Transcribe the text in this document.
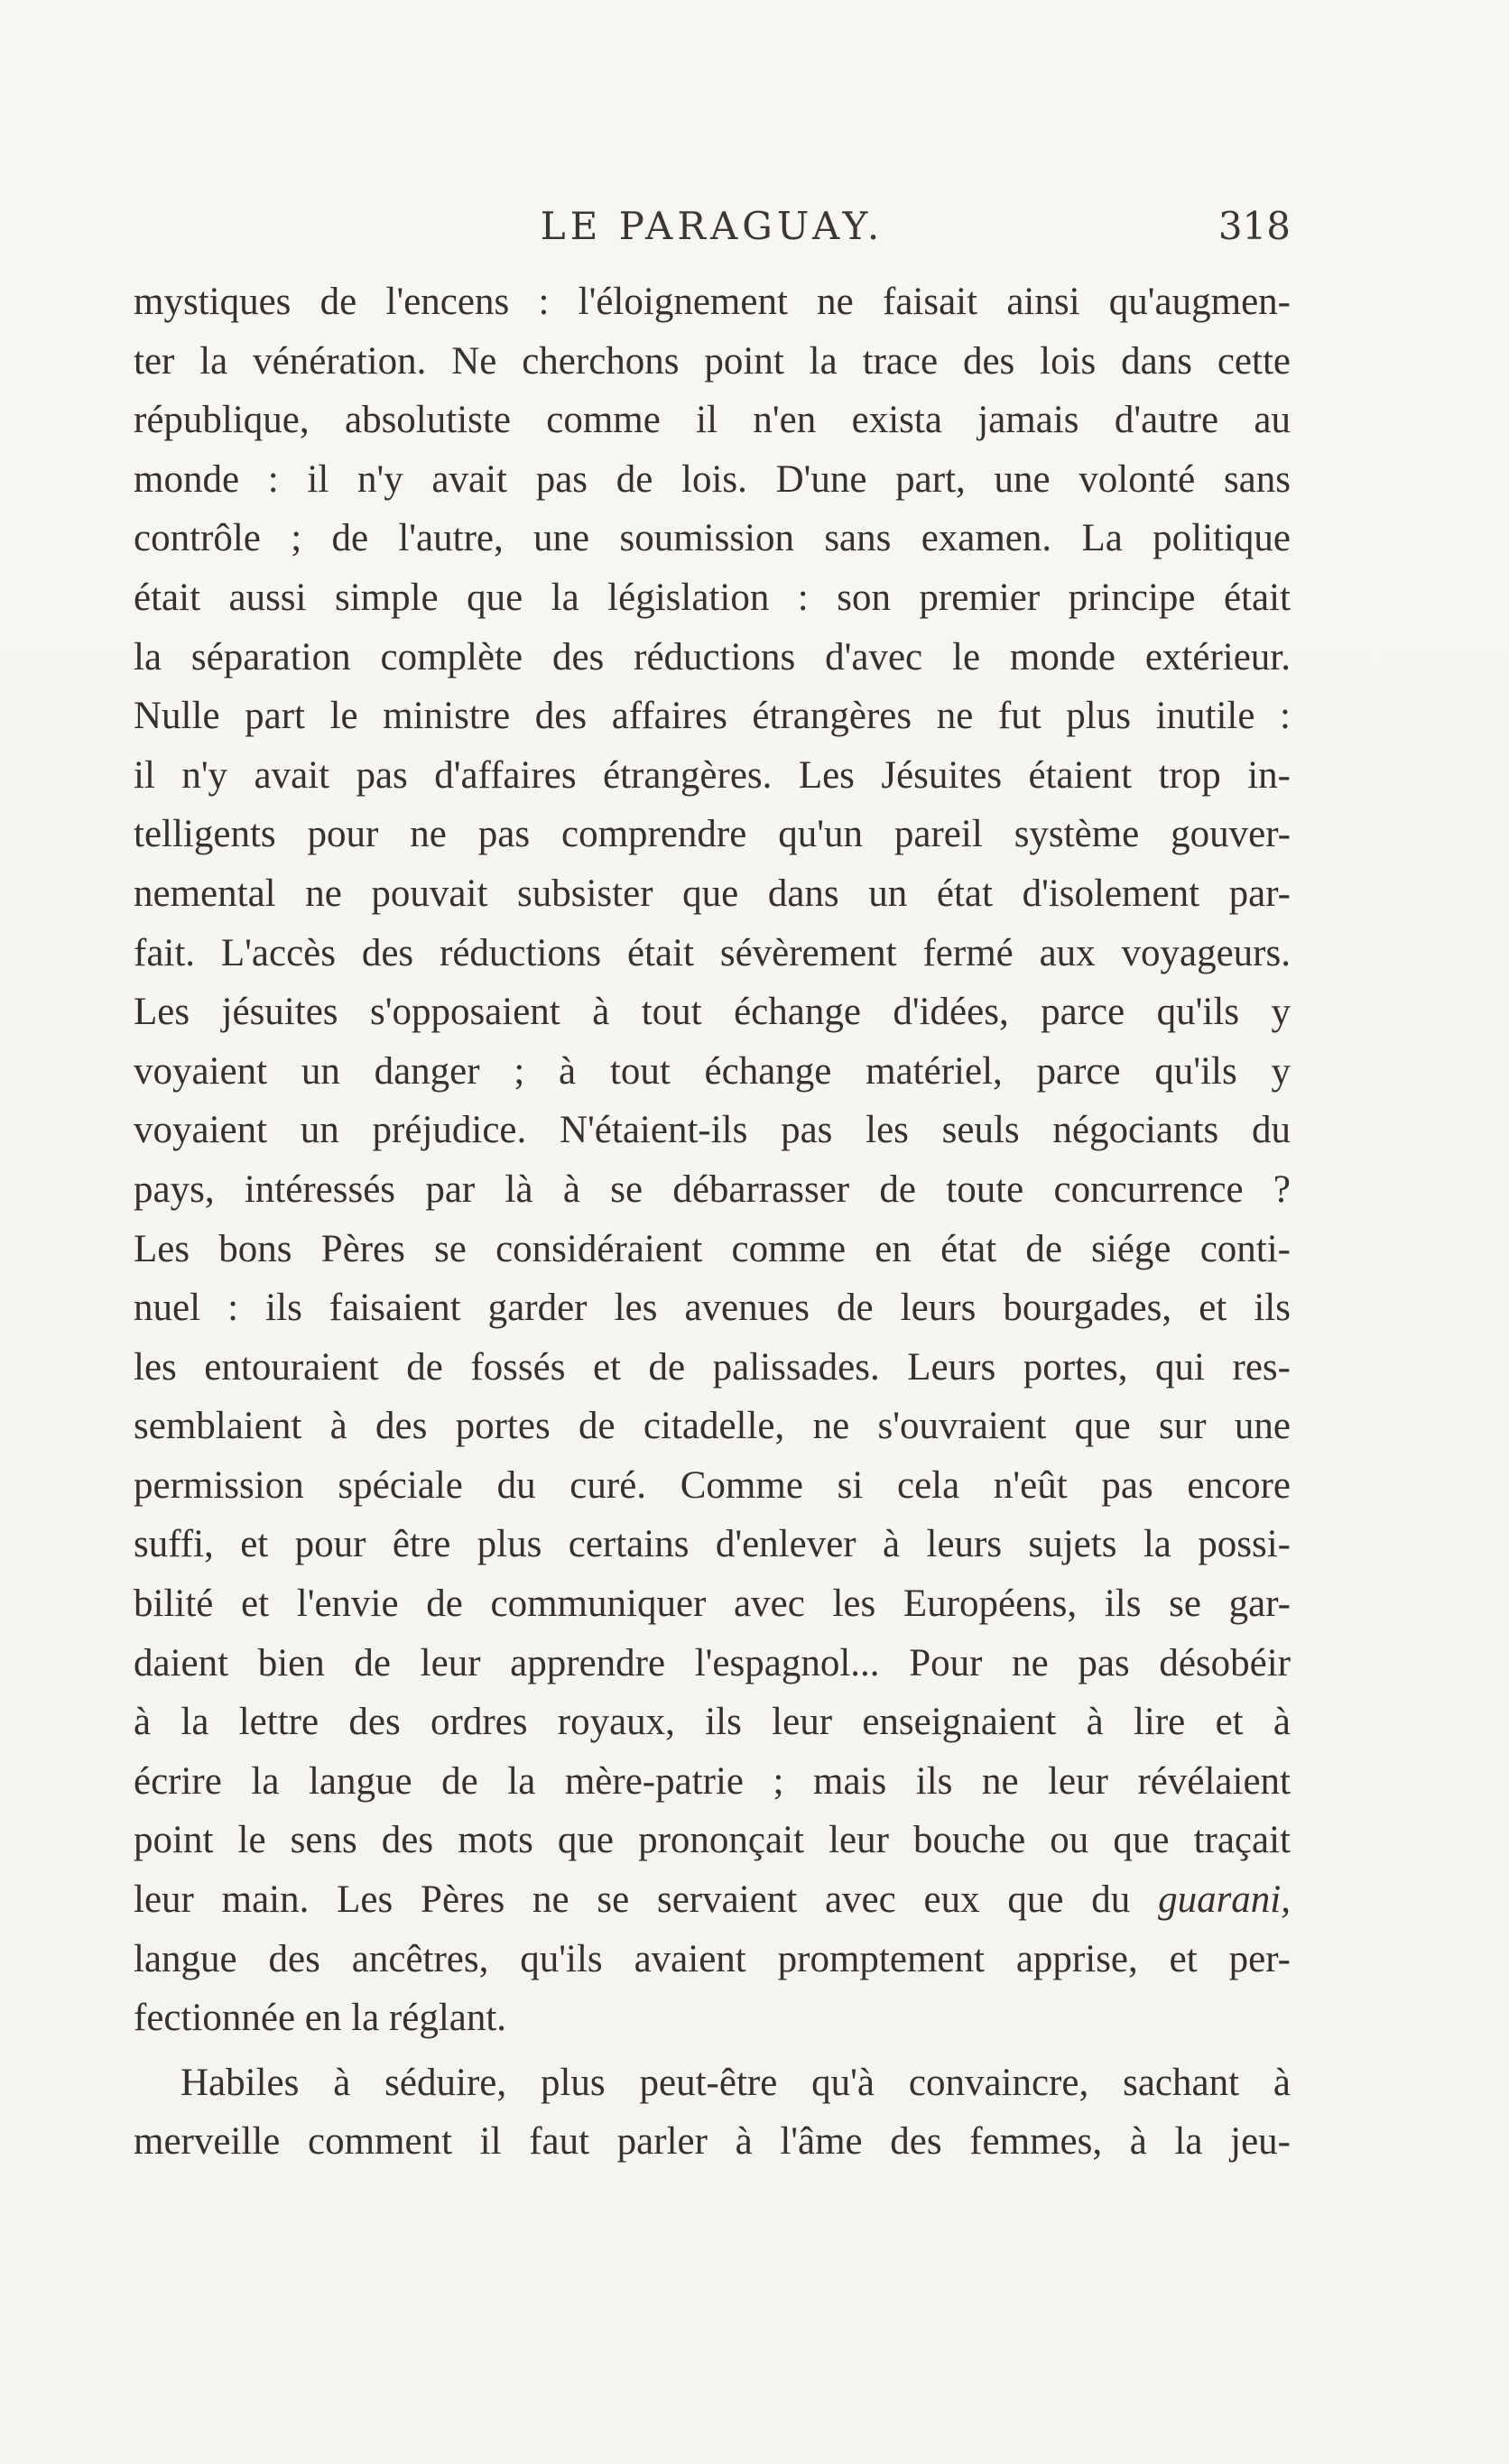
LE PARAGUAY.	318
mystiques de l'encens : l'éloignement ne faisait ainsi qu'augmen-
ter la vénération. Ne cherchons point la trace des lois dans cette
république, absolutiste comme il n'en exista jamais d'autre au
monde : il n'y avait pas de lois. D'une part, une volonté sans
contrôle ; de l'autre, une soumission sans examen. La politique
était aussi simple que la législation : son premier principe était
la séparation complète des réductions d'avec le monde extérieur.
Nulle part le ministre des affaires étrangères ne fut plus inutile :
il n'y avait pas d'affaires étrangères. Les Jésuites étaient trop in-
telligents pour ne pas comprendre qu'un pareil système gouver-
nemental ne pouvait subsister que dans un état d'isolement par-
fait. L'accès des réductions était sévèrement fermé aux voyageurs.
Les jésuites s'opposaient à tout échange d'idées, parce qu'ils y
voyaient un danger ; à tout échange matériel, parce qu'ils y
voyaient un préjudice. N'étaient-ils pas les seuls négociants du
pays, intéressés par là à se débarrasser de toute concurrence ?
Les bons Pères se considéraient comme en état de siége conti-
nuel : ils faisaient garder les avenues de leurs bourgades, et ils
les entouraient de fossés et de palissades. Leurs portes, qui res-
semblaient à des portes de citadelle, ne s'ouvraient que sur une
permission spéciale du curé. Comme si cela n'eût pas encore
suffi, et pour être plus certains d'enlever à leurs sujets la possi-
bilité et l'envie de communiquer avec les Européens, ils se gar-
daient bien de leur apprendre l'espagnol... Pour ne pas désobéir
à la lettre des ordres royaux, ils leur enseignaient à lire et à
écrire la langue de la mère-patrie ; mais ils ne leur révélaient
point le sens des mots que prononçait leur bouche ou que traçait
leur main. Les Pères ne se servaient avec eux que du guarani,
langue des ancêtres, qu'ils avaient promptement apprise, et per-
fectionnée en la réglant.
Habiles à séduire, plus peut-être qu'à convaincre, sachant à
merveille comment il faut parler à l'âme des femmes, à la jeu-
